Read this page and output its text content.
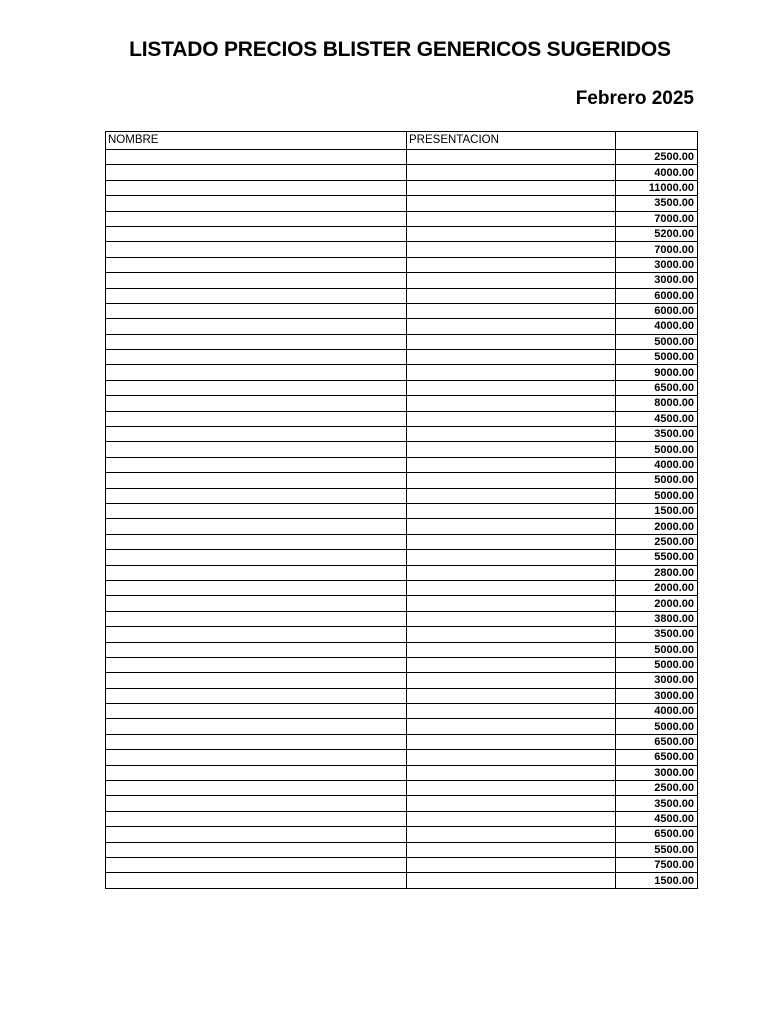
LISTADO PRECIOS BLISTER GENERICOS SUGERIDOS
Febrero 2025
NOMBRE	PRESENTACION	
		2500.00
		4000.00
		11000.00
		3500.00
		7000.00
		5200.00
		7000.00
		3000.00
		3000.00
		6000.00
		6000.00
		4000.00
		5000.00
		5000.00
		9000.00
		6500.00
		8000.00
		4500.00
		3500.00
		5000.00
		4000.00
		5000.00
		5000.00
		1500.00
		2000.00
		2500.00
		5500.00
		2800.00
		2000.00
		2000.00
		3800.00
		3500.00
		5000.00
		5000.00
		3000.00
		3000.00
		4000.00
		5000.00
		6500.00
		6500.00
		3000.00
		2500.00
		3500.00
		4500.00
		6500.00
		5500.00
		7500.00
		1500.00
